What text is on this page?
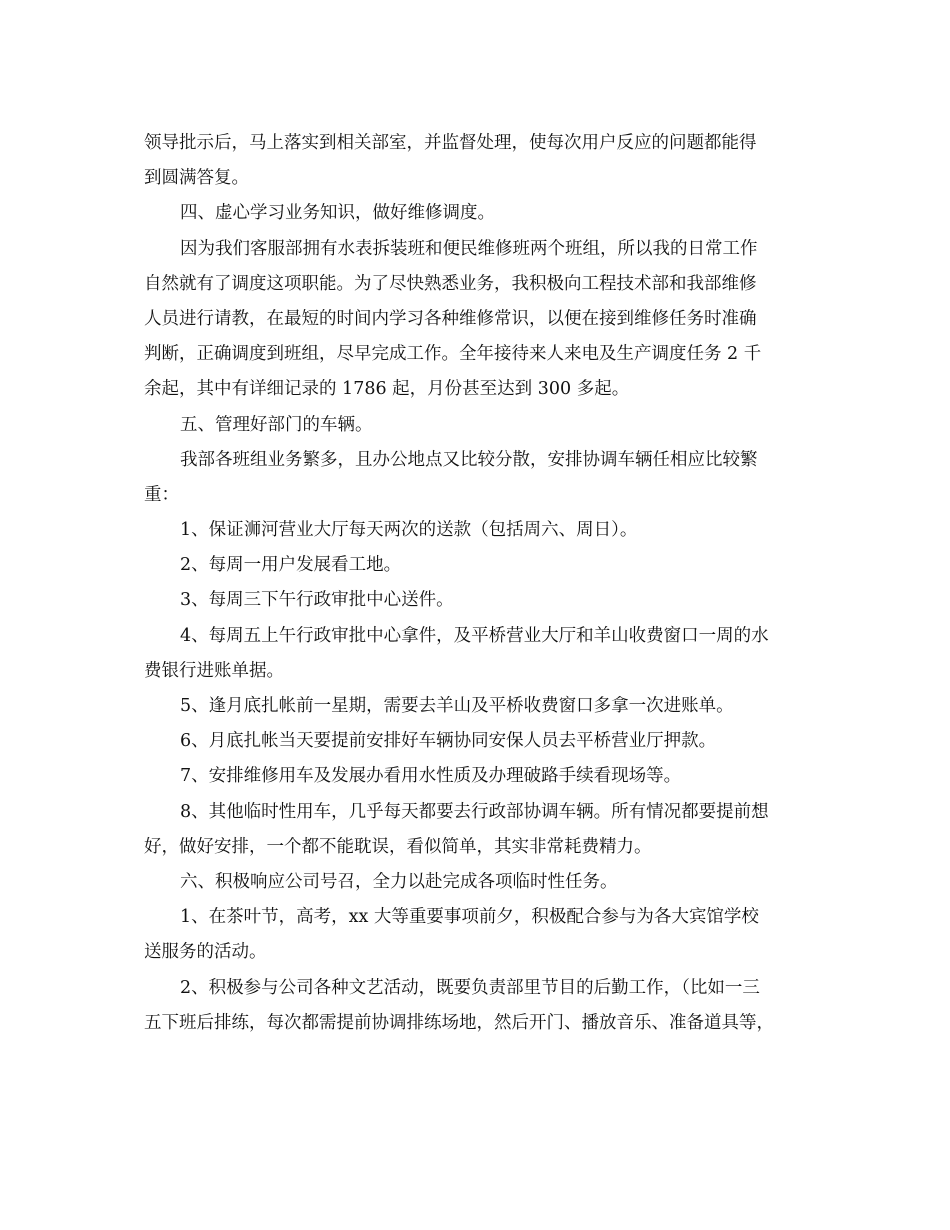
领导批示后，马上落实到相关部室，并监督处理，使每次用户反应的问题都能得
到圆满答复。
四、虚心学习业务知识，做好维修调度。
因为我们客服部拥有水表拆装班和便民维修班两个班组，所以我的日常工作
自然就有了调度这项职能。为了尽快熟悉业务，我积极向工程技术部和我部维修
人员进行请教，在最短的时间内学习各种维修常识，以便在接到维修任务时准确
判断，正确调度到班组，尽早完成工作。全年接待来人来电及生产调度任务 2 千
余起，其中有详细记录的 1786 起，月份甚至达到 300 多起。
五、管理好部门的车辆。
我部各班组业务繁多，且办公地点又比较分散，安排协调车辆任相应比较繁
重：
1、保证浉河营业大厅每天两次的送款（包括周六、周日）。
2、每周一用户发展看工地。
3、每周三下午行政审批中心送件。
4、每周五上午行政审批中心拿件，及平桥营业大厅和羊山收费窗口一周的水
费银行进账单据。
5、逢月底扎帐前一星期，需要去羊山及平桥收费窗口多拿一次进账单。
6、月底扎帐当天要提前安排好车辆协同安保人员去平桥营业厅押款。
7、安排维修用车及发展办看用水性质及办理破路手续看现场等。
8、其他临时性用车，几乎每天都要去行政部协调车辆。所有情况都要提前想
好，做好安排，一个都不能耽误，看似简单，其实非常耗费精力。
六、积极响应公司号召，全力以赴完成各项临时性任务。
1、在茶叶节，高考，xx 大等重要事项前夕，积极配合参与为各大宾馆学校
送服务的活动。
2、积极参与公司各种文艺活动，既要负责部里节目的后勤工作，（比如一三
五下班后排练，每次都需提前协调排练场地，然后开门、播放音乐、准备道具等，
